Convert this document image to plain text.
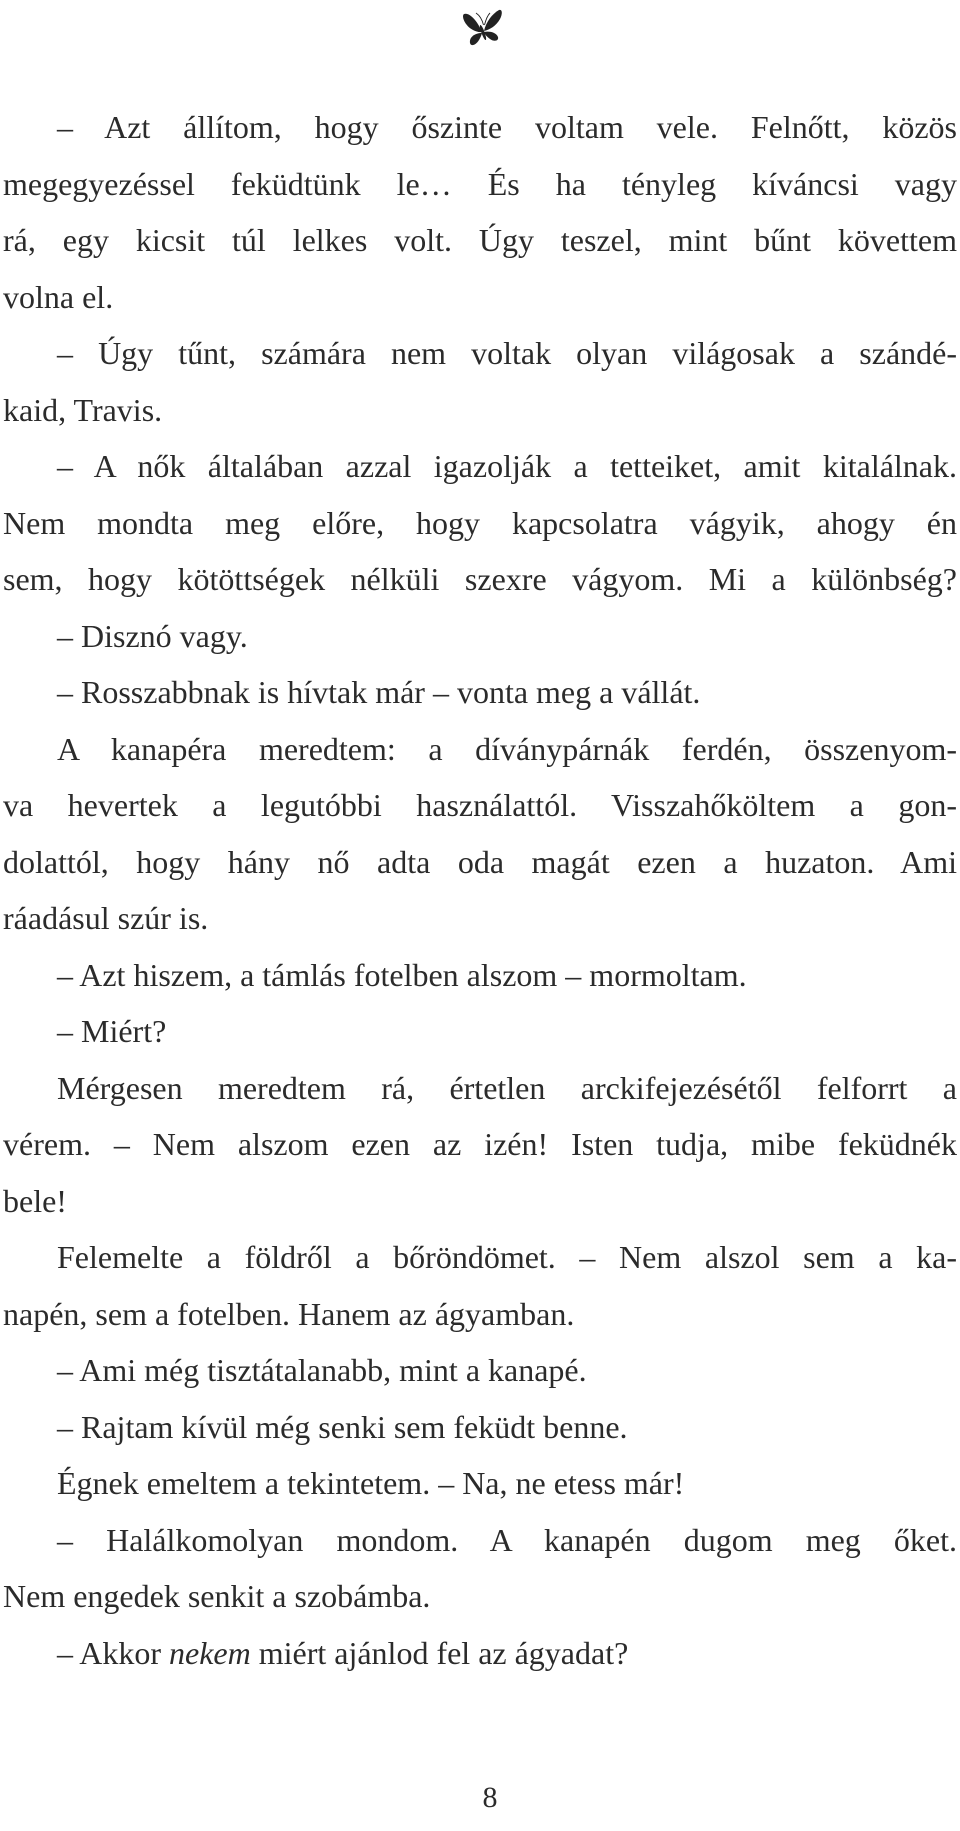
– Azt állítom, hogy őszinte voltam vele. Felnőtt, közös

megegyezéssel feküdtünk le… És ha tényleg kíváncsi vagy

rá, egy kicsit túl lelkes volt. Úgy teszel, mint bűnt követtem

volna el.

– Úgy tűnt, számára nem voltak olyan világosak a szándé-

kaid, Travis.

– A nők általában azzal igazolják a tetteiket, amit kitalálnak.

Nem mondta meg előre, hogy kapcsolatra vágyik, ahogy én

sem, hogy kötöttségek nélküli szexre vágyom. Mi a különbség?

– Disznó vagy.

– Rosszabbnak is hívtak már – vonta meg a vállát.

A kanapéra meredtem: a díványpárnák ferdén, összenyom-

va hevertek a legutóbbi használattól. Visszahőköltem a gon-

dolattól, hogy hány nő adta oda magát ezen a huzaton. Ami

ráadásul szúr is.

– Azt hiszem, a támlás fotelben alszom – mormoltam.

– Miért?

Mérgesen meredtem rá, értetlen arckifejezésétől felforrt a

vérem. – Nem alszom ezen az izén! Isten tudja, mibe feküdnék

bele!

Felemelte a földről a bőröndömet. – Nem alszol sem a ka-

napén, sem a fotelben. Hanem az ágyamban.

– Ami még tisztátalanabb, mint a kanapé.

– Rajtam kívül még senki sem feküdt benne.

Égnek emeltem a tekintetem. – Na, ne etess már!

– Halálkomolyan mondom. A kanapén dugom meg őket.

Nem engedek senkit a szobámba.

– Akkor nekem miért ajánlod fel az ágyadat?

8
